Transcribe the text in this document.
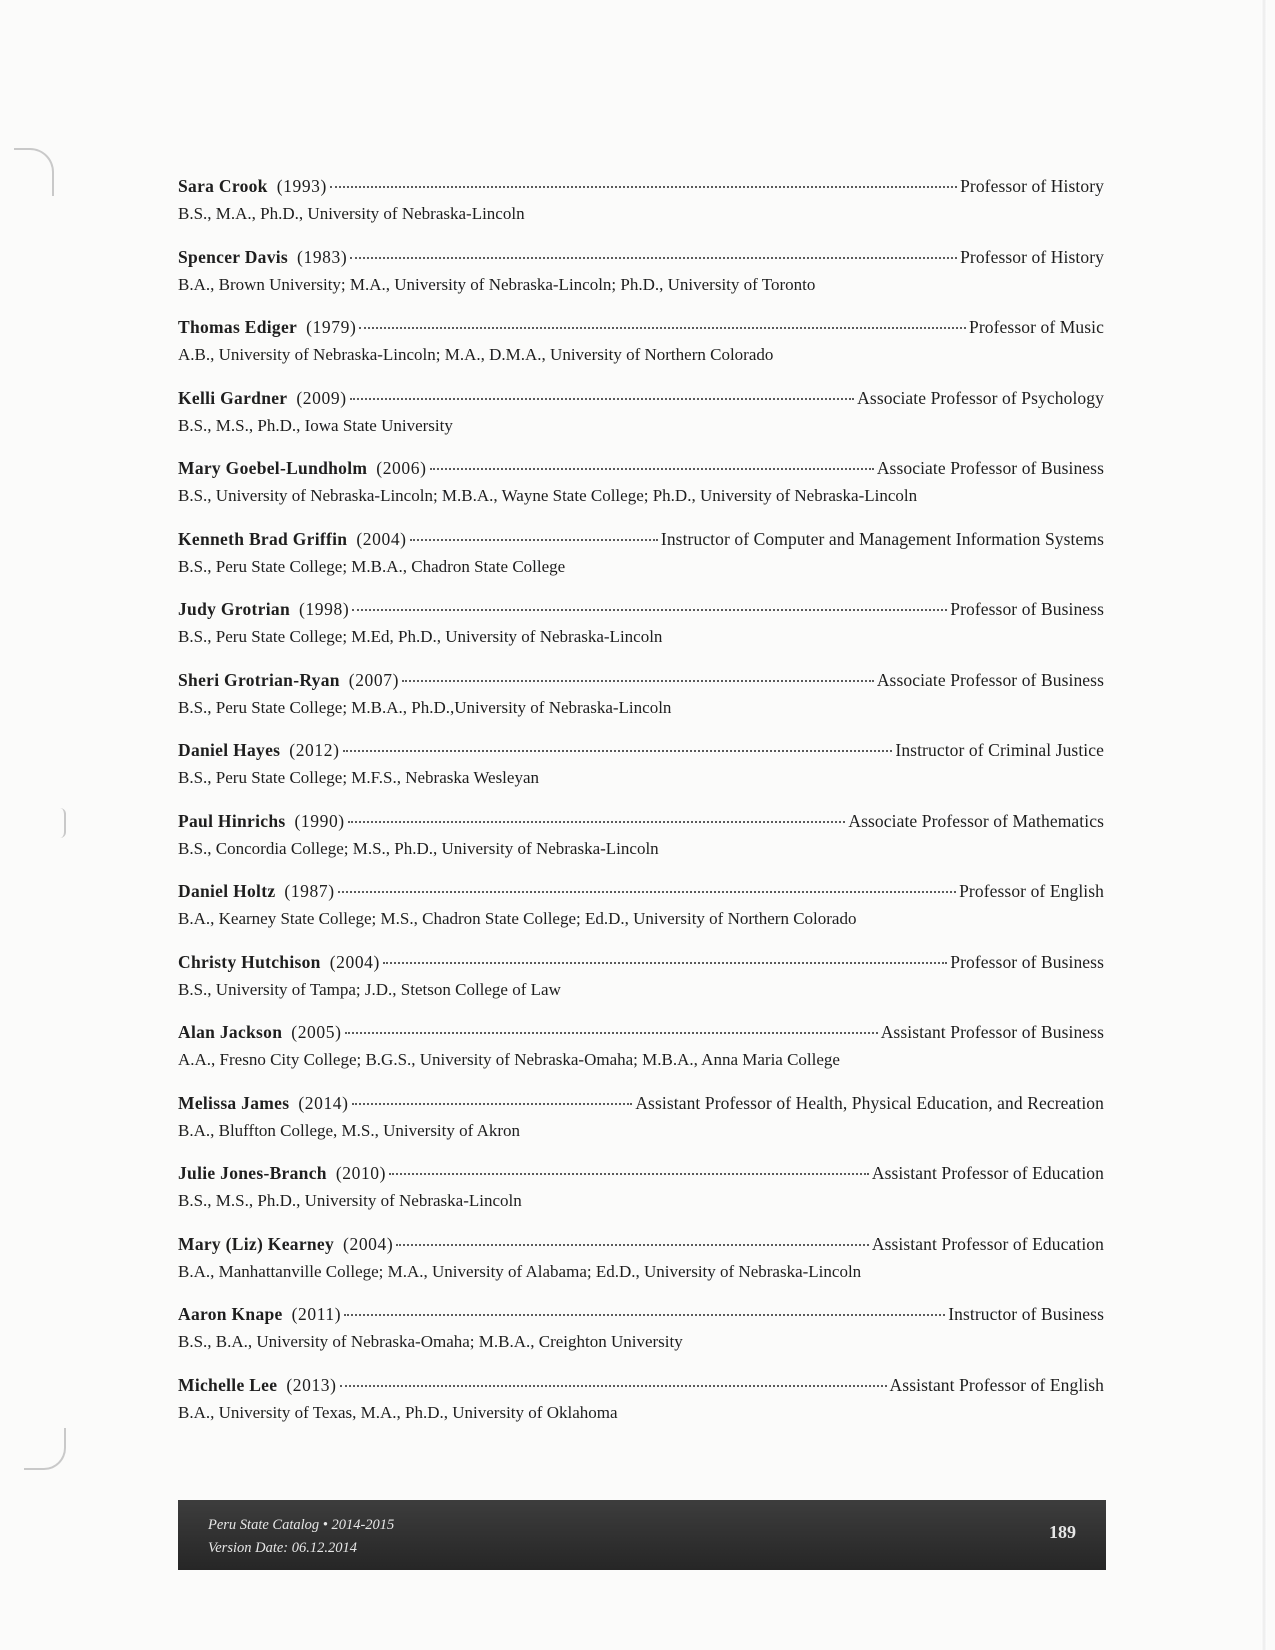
Sara Crook (1993)	Professor of History
B.S., M.A., Ph.D., University of Nebraska-Lincoln
Spencer Davis (1983)	Professor of History
B.A., Brown University; M.A., University of Nebraska-Lincoln; Ph.D., University of Toronto
Thomas Ediger (1979)	Professor of Music
A.B., University of Nebraska-Lincoln; M.A., D.M.A., University of Northern Colorado
Kelli Gardner (2009)	Associate Professor of Psychology
B.S., M.S., Ph.D., Iowa State University
Mary Goebel-Lundholm (2006)	Associate Professor of Business
B.S., University of Nebraska-Lincoln; M.B.A., Wayne State College; Ph.D., University of Nebraska-Lincoln
Kenneth Brad Griffin (2004)	Instructor of Computer and Management Information Systems
B.S., Peru State College; M.B.A., Chadron State College
Judy Grotrian (1998)	Professor of Business
B.S., Peru State College; M.Ed, Ph.D., University of Nebraska-Lincoln
Sheri Grotrian-Ryan (2007)	Associate Professor of Business
B.S., Peru State College; M.B.A., Ph.D.,University of Nebraska-Lincoln
Daniel Hayes (2012)	Instructor of Criminal Justice
B.S., Peru State College; M.F.S., Nebraska Wesleyan
Paul Hinrichs (1990)	Associate Professor of Mathematics
B.S., Concordia College; M.S., Ph.D., University of Nebraska-Lincoln
Daniel Holtz (1987)	Professor of English
B.A., Kearney State College; M.S., Chadron State College; Ed.D., University of Northern Colorado
Christy Hutchison (2004)	Professor of Business
B.S., University of Tampa; J.D., Stetson College of Law
Alan Jackson (2005)	Assistant Professor of Business
A.A., Fresno City College; B.G.S., University of Nebraska-Omaha; M.B.A., Anna Maria College
Melissa James (2014)	Assistant Professor of Health, Physical Education, and Recreation
B.A., Bluffton College, M.S., University of Akron
Julie Jones-Branch (2010)	Assistant Professor of Education
B.S., M.S., Ph.D., University of Nebraska-Lincoln
Mary (Liz) Kearney (2004)	Assistant Professor of Education
B.A., Manhattanville College; M.A., University of Alabama; Ed.D., University of Nebraska-Lincoln
Aaron Knape (2011)	Instructor of Business
B.S., B.A., University of Nebraska-Omaha; M.B.A., Creighton University
Michelle Lee (2013)	Assistant Professor of English
B.A., University of Texas, M.A., Ph.D., University of Oklahoma
Peru State Catalog • 2014-2015
Version Date: 06.12.2014
189
